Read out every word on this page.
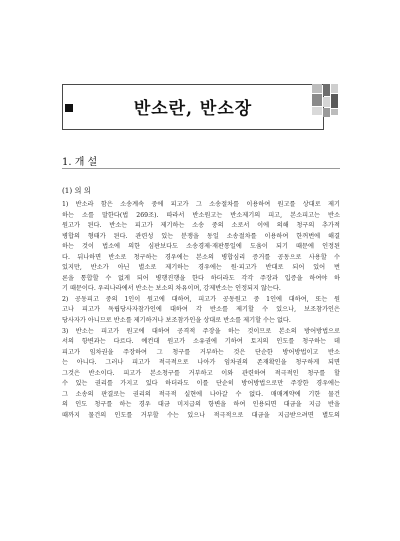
반소란, 반소장
1. 개 설
(1) 의 의
1) 반소라 함은 소송계속 중에 피고가 그 소송절차를 이용하여 원고를 상대로 제기
하는 소를 말한다(법 269조). 따라서 반소원고는 반소제기의 피고, 본소피고는 반소
원고가 된다. 반소는 피고가 제기하는 소송 중의 소로서 이에 의해 청구의 추가적
병합의 형태가 된다. 관련성 있는 분쟁을 동일 소송절차를 이용하여 한꺼번에 해결
하는 것이 법소에 의한 심판보다도 소송경제·재판통일에 도움이 되기 때문에 인정된
다. 뒤나하면 반소로 청구하는 경우에는 본소의 병합심리 증거를 공동으로 사용할 수
있지만, 반소가 아닌 별소로 제기하는 경우에는 원·피고가 반대로 되어 있어 번
론을 통합할 수 없게 되어 병행진행을 한다 하더라도 각각 주장과 입증을 하여야 하
기 때문이다. 우리나라에서 반소는 보소의 차유이며, 강제반소는 인정되지 않는다.
2) 공동피고 중의 1인이 원고에 대하여, 피고가 공동원고 중 1인에 대하여, 또는 원
고나 피고가 독립당사자참가인에 대하여 각 반소를 제기할 수 있으나, 보조참가인은
당사자가 아니므로 반소를 제기하거나 보조참가인을 상대로 반소를 제기할 수는 없다.
3) 반소는 피고가 원고에 대하여 공격적 주장을 하는 것이므로 본소의 방어방법으로
서의 항변과는 다르다. 예컨대 원고가 소유권에 기하여 토지의 인도를 청구하는 데
피고가 임차권을 주장하여 그 청구를 거부하는 것은 단순한 방어방법이고 반소
는 아니다. 그러나 피고가 적극적으로 나아가 임차권의 존재확인을 청구하게 되면
그것은 반소이다. 피고가 본소청구를 거부하고 이와 관련하여 적극적인 청구를 할
수 있는 권리를 가지고 있다 하더라도 이를 단순히 방어방법으로만 주장한 경우에는
그 소송의 판결로는 권리의 적극적 실현에 나아갈 수 없다. 매매계약에 기한 물건
의 인도 청구를 하는 경우 대금 미지급의 항변을 하여 인용되면 대금을 지급 반을
때까지 물건의 인도를 거부할 수는 있으나 적극적으로 대금을 지급받으려면 별도의
